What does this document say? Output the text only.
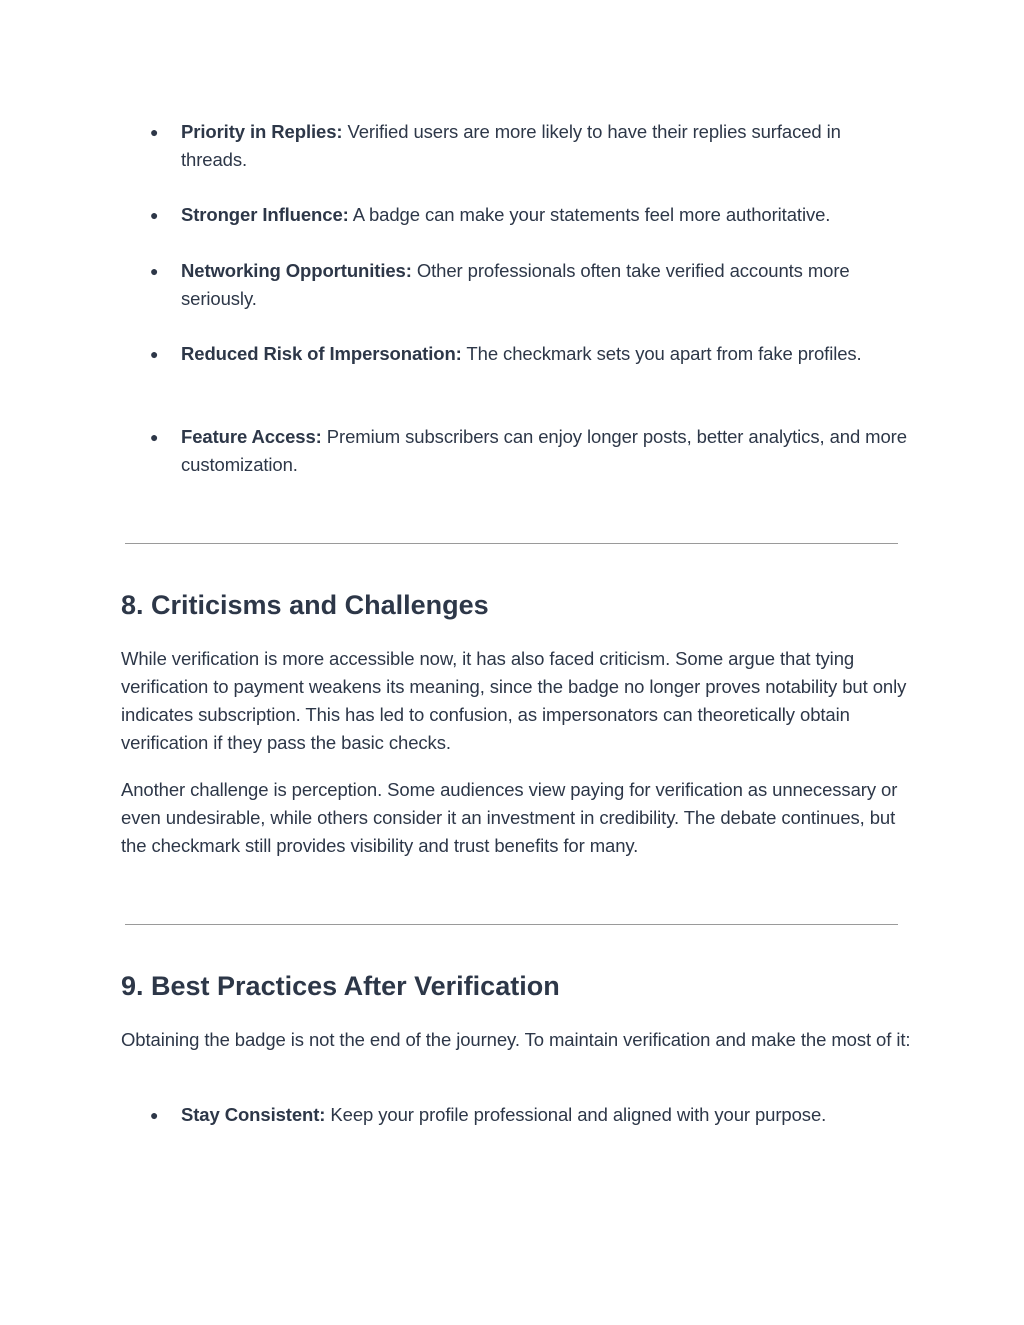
● Priority in Replies: Verified users are more likely to have their replies surfaced in threads.
● Stronger Influence: A badge can make your statements feel more authoritative.
● Networking Opportunities: Other professionals often take verified accounts more seriously.
● Reduced Risk of Impersonation: The checkmark sets you apart from fake profiles.
● Feature Access: Premium subscribers can enjoy longer posts, better analytics, and more customization.
8. Criticisms and Challenges
While verification is more accessible now, it has also faced criticism. Some argue that tying verification to payment weakens its meaning, since the badge no longer proves notability but only indicates subscription. This has led to confusion, as impersonators can theoretically obtain verification if they pass the basic checks.
Another challenge is perception. Some audiences view paying for verification as unnecessary or even undesirable, while others consider it an investment in credibility. The debate continues, but the checkmark still provides visibility and trust benefits for many.
9. Best Practices After Verification
Obtaining the badge is not the end of the journey. To maintain verification and make the most of it:
● Stay Consistent: Keep your profile professional and aligned with your purpose.
